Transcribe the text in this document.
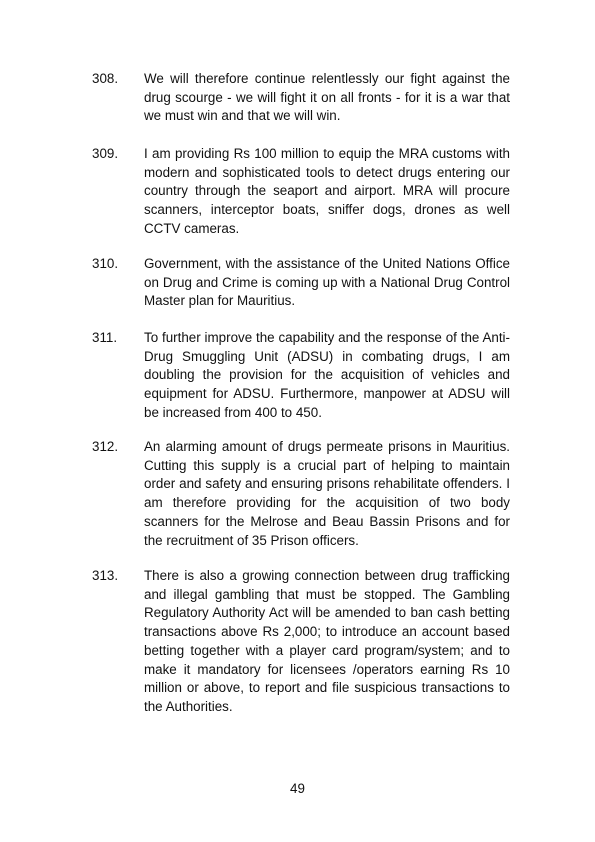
308.	We will therefore continue relentlessly our fight against the drug scourge - we will fight it on all fronts - for it is a war that we must win and that we will win.
309.	I am providing Rs 100 million to equip the MRA customs with modern and sophisticated tools to detect drugs entering our country through the seaport and airport. MRA will procure scanners, interceptor boats, sniffer dogs, drones as well CCTV cameras.
310.	Government, with the assistance of the United Nations Office on Drug and Crime is coming up with a National Drug Control Master plan for Mauritius.
311.	To further improve the capability and the response of the Anti-Drug Smuggling Unit (ADSU) in combating drugs, I am doubling the provision for the acquisition of vehicles and equipment for ADSU. Furthermore, manpower at ADSU will be increased from 400 to 450.
312.	An alarming amount of drugs permeate prisons in Mauritius. Cutting this supply is a crucial part of helping to maintain order and safety and ensuring prisons rehabilitate offenders. I am therefore providing for the acquisition of two body scanners for the Melrose and Beau Bassin Prisons and for the recruitment of 35 Prison officers.
313.	There is also a growing connection between drug trafficking and illegal gambling that must be stopped. The Gambling Regulatory Authority Act will be amended to ban cash betting transactions above Rs 2,000; to introduce an account based betting together with a player card program/system; and to make it mandatory for licensees /operators earning Rs 10 million or above, to report and file suspicious transactions to the Authorities.
49
